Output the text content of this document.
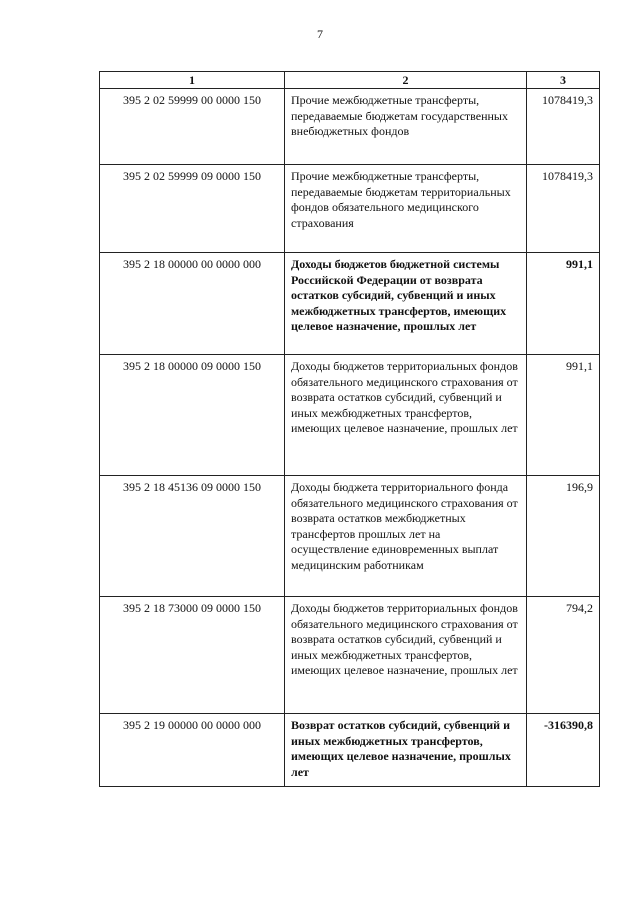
7
1	2	3
395 2 02 59999 00 0000 150	Прочие межбюджетные трансферты, передаваемые бюджетам государственных внебюджетных фондов	1078419,3
395 2 02 59999 09 0000 150	Прочие межбюджетные трансферты, передаваемые бюджетам территориальных фондов обязательного медицинского страхования	1078419,3
395 2 18 00000 00 0000 000	Доходы бюджетов бюджетной системы Российской Федерации от возврата остатков субсидий, субвенций и иных межбюджетных трансфертов, имеющих целевое назначение, прошлых лет	991,1
395 2 18 00000 09 0000 150	Доходы бюджетов территориальных фондов обязательного медицинского страхования от возврата остатков субсидий, субвенций и иных межбюджетных трансфертов, имеющих целевое назначение, прошлых лет	991,1
395 2 18 45136 09 0000 150	Доходы бюджета территориального фонда обязательного медицинского страхования от возврата остатков межбюджетных трансфертов прошлых лет на осуществление единовременных выплат медицинским работникам	196,9
395 2 18 73000 09 0000 150	Доходы бюджетов территориальных фондов обязательного медицинского страхования от возврата остатков субсидий, субвенций и иных межбюджетных трансфертов, имеющих целевое назначение, прошлых лет	794,2
395 2 19 00000 00 0000 000	Возврат остатков субсидий, субвенций и иных межбюджетных трансфертов, имеющих целевое назначение, прошлых лет	-316390,8
